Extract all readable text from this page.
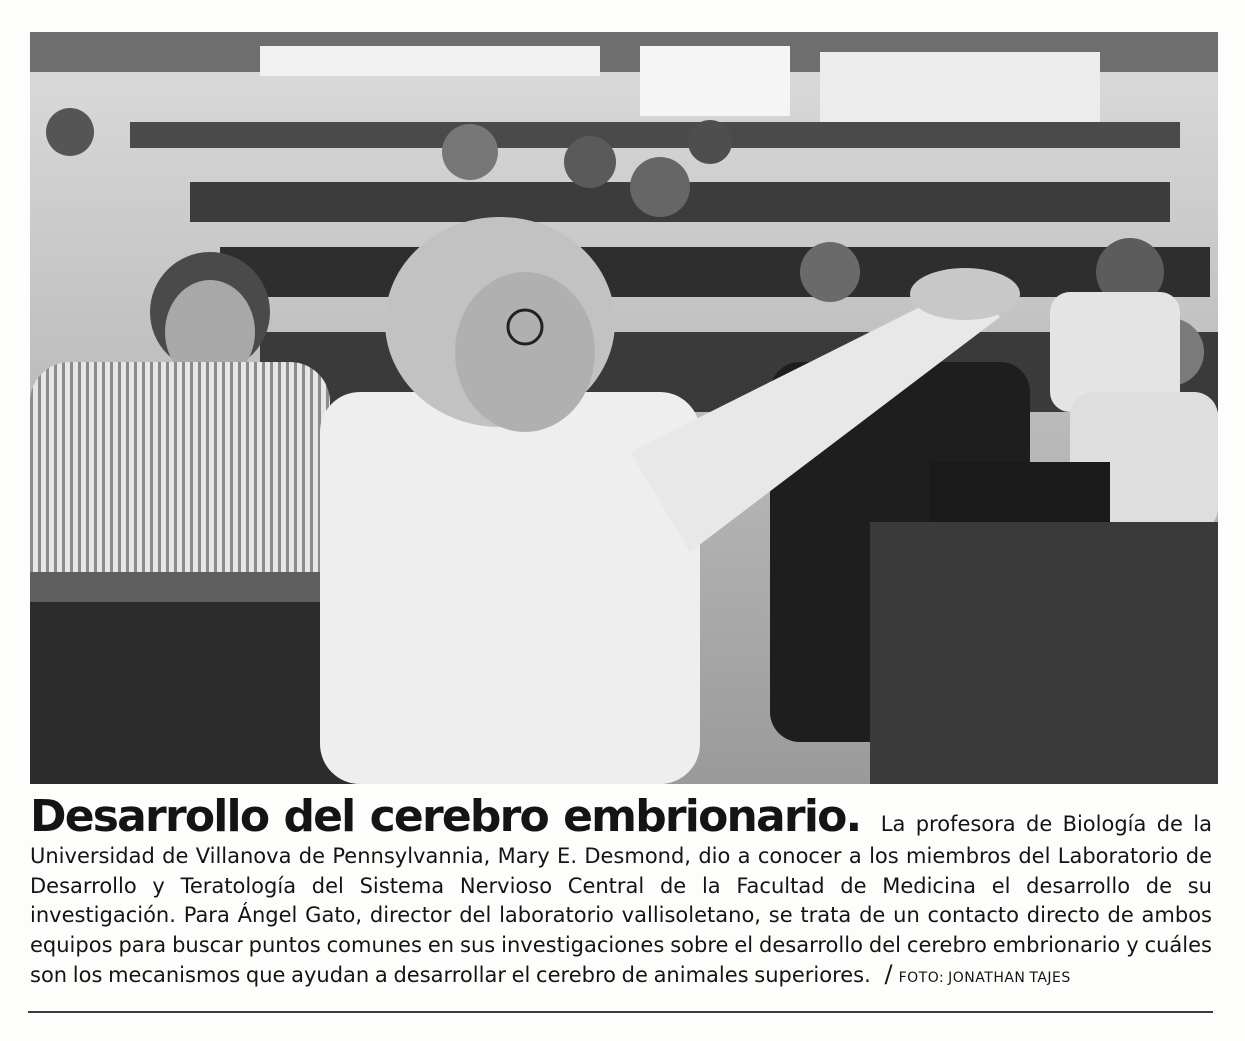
Desarrollo del cerebro embrionario. La profesora de Biología de la Universidad de Villanova de Pennsylvannia, Mary E. Desmond, dio a conocer a los miembros del Laboratorio de Desarrollo y Teratología del Sistema Nervioso Central de la Facultad de Medicina el desarrollo de su investigación. Para Ángel Gato, director del laboratorio vallisoletano, se trata de un contacto directo de ambos equipos para buscar puntos comunes en sus investigaciones sobre el desarrollo del cerebro embrionario y cuáles son los mecanismos que ayudan a desarrollar el cerebro de animales superiores. / FOTO: JONATHAN TAJES
